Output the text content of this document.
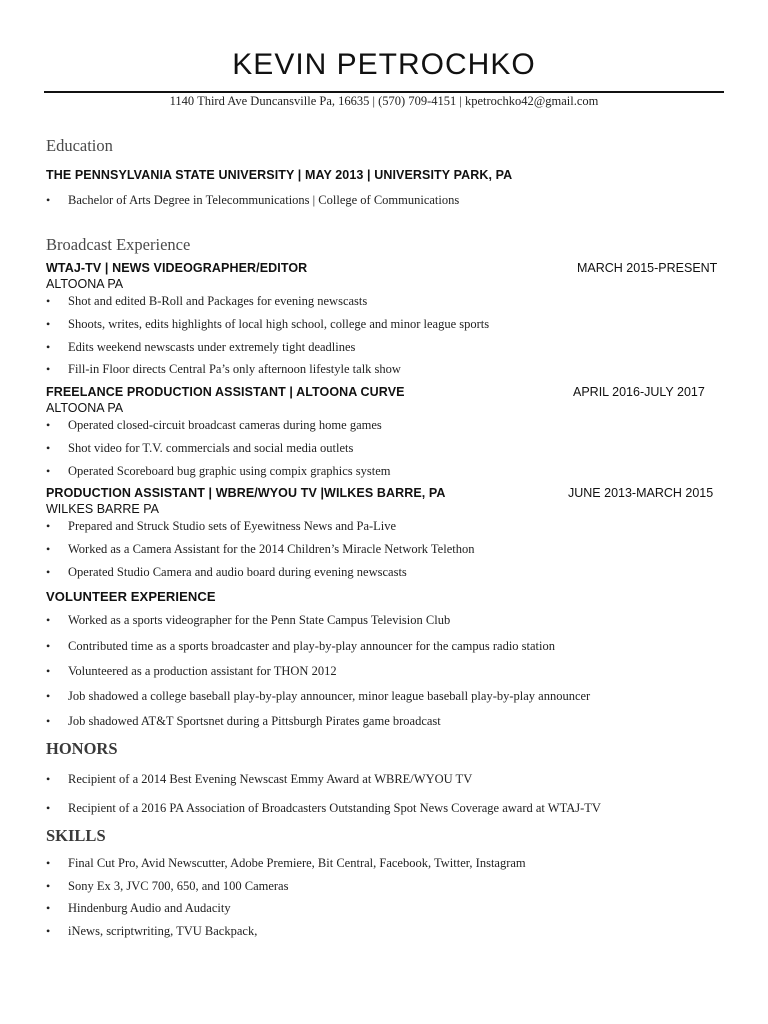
KEVIN PETROCHKO
1140 Third Ave Duncansville Pa, 16635 | (570) 709-4151 | kpetrochko42@gmail.com
Education
THE PENNSYLVANIA STATE UNIVERSITY | MAY 2013 | UNIVERSITY PARK, PA
• Bachelor of Arts Degree in Telecommunications | College of Communications
Broadcast Experience
WTAJ-TV | NEWS VIDEOGRAPHER/EDITOR	MARCH 2015-PRESENT
ALTOONA PA
• Shot and edited B-Roll and Packages for evening newscasts
• Shoots, writes, edits highlights of local high school, college and minor league sports
• Edits weekend newscasts under extremely tight deadlines
• Fill-in Floor directs Central Pa’s only afternoon lifestyle talk show
FREELANCE PRODUCTION ASSISTANT | ALTOONA CURVE	APRIL 2016-JULY 2017
ALTOONA PA
• Operated closed-circuit broadcast cameras during home games
• Shot video for T.V. commercials and social media outlets
• Operated Scoreboard bug graphic using compix graphics system
PRODUCTION ASSISTANT | WBRE/WYOU TV |WILKES BARRE, PA	JUNE 2013-MARCH 2015
WILKES BARRE PA
• Prepared and Struck Studio sets of Eyewitness News and Pa-Live
• Worked as a Camera Assistant for the 2014 Children’s Miracle Network Telethon
• Operated Studio Camera and audio board during evening newscasts
VOLUNTEER EXPERIENCE
• Worked as a sports videographer for the Penn State Campus Television Club
• Contributed time as a sports broadcaster and play-by-play announcer for the campus radio station
• Volunteered as a production assistant for THON 2012
• Job shadowed a college baseball play-by-play announcer, minor league baseball play-by-play announcer
• Job shadowed AT&T Sportsnet during a Pittsburgh Pirates game broadcast
HONORS
• Recipient of a 2014 Best Evening Newscast Emmy Award at WBRE/WYOU TV
• Recipient of a 2016 PA Association of Broadcasters Outstanding Spot News Coverage award at WTAJ-TV
SKILLS
• Final Cut Pro, Avid Newscutter, Adobe Premiere, Bit Central, Facebook, Twitter, Instagram
• Sony Ex 3, JVC 700, 650, and 100 Cameras
• Hindenburg Audio and Audacity
• iNews, scriptwriting, TVU Backpack,
